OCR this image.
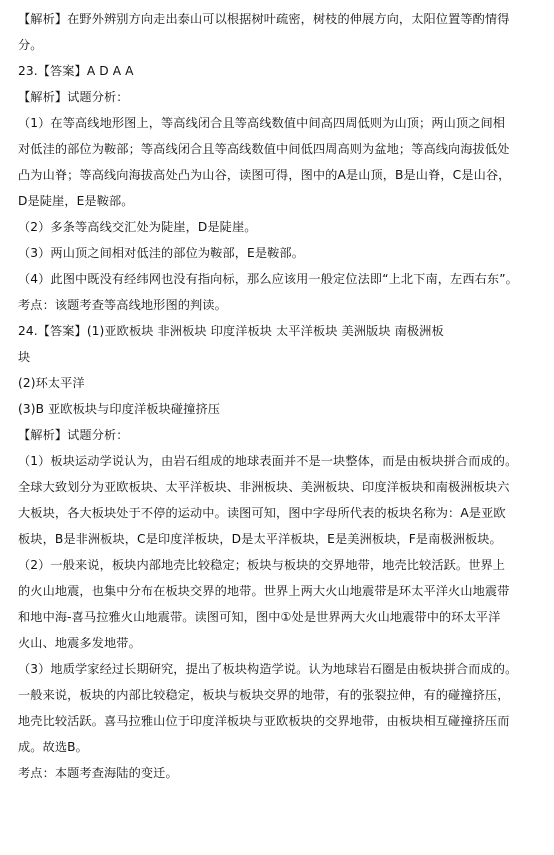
【解析】在野外辨别方向走出泰山可以根据树叶疏密，树枝的伸展方向，太阳位置等酌情得
分。
23.【答案】A D A A
【解析】试题分析：
（1）在等高线地形图上，等高线闭合且等高线数值中间高四周低则为山顶；两山顶之间相
对低洼的部位为鞍部；等高线闭合且等高线数值中间低四周高则为盆地；等高线向海拔低处
凸为山脊；等高线向海拔高处凸为山谷，读图可得，图中的A是山顶，B是山脊，C是山谷，
D是陡崖，E是鞍部。
（2）多条等高线交汇处为陡崖，D是陡崖。
（3）两山顶之间相对低洼的部位为鞍部，E是鞍部。
（4）此图中既没有经纬网也没有指向标，那么应该用一般定位法即“上北下南，左西右东”。
考点：该题考查等高线地形图的判读。
24.【答案】(1)亚欧板块 非洲板块 印度洋板块 太平洋板块 美洲版块 南极洲板
块
(2)环太平洋
(3)B 亚欧板块与印度洋板块碰撞挤压
【解析】试题分析：
（1）板块运动学说认为，由岩石组成的地球表面并不是一块整体，而是由板块拼合而成的。
全球大致划分为亚欧板块、太平洋板块、非洲板块、美洲板块、印度洋板块和南极洲板块六
大板块，各大板块处于不停的运动中。读图可知，图中字母所代表的板块名称为：A是亚欧
板块，B是非洲板块，C是印度洋板块，D是太平洋板块，E是美洲板块，F是南极洲板块。
（2）一般来说，板块内部地壳比较稳定；板块与板块的交界地带，地壳比较活跃。世界上
的火山地震，也集中分布在板块交界的地带。世界上两大火山地震带是环太平洋火山地震带
和地中海-喜马拉雅火山地震带。读图可知，图中①处是世界两大火山地震带中的环太平洋
火山、地震多发地带。
（3）地质学家经过长期研究，提出了板块构造学说。认为地球岩石圈是由板块拼合而成的。
一般来说，板块的内部比较稳定，板块与板块交界的地带，有的张裂拉伸，有的碰撞挤压，
地壳比较活跃。喜马拉雅山位于印度洋板块与亚欧板块的交界地带，由板块相互碰撞挤压而
成。故选B。
考点：本题考查海陆的变迁。
